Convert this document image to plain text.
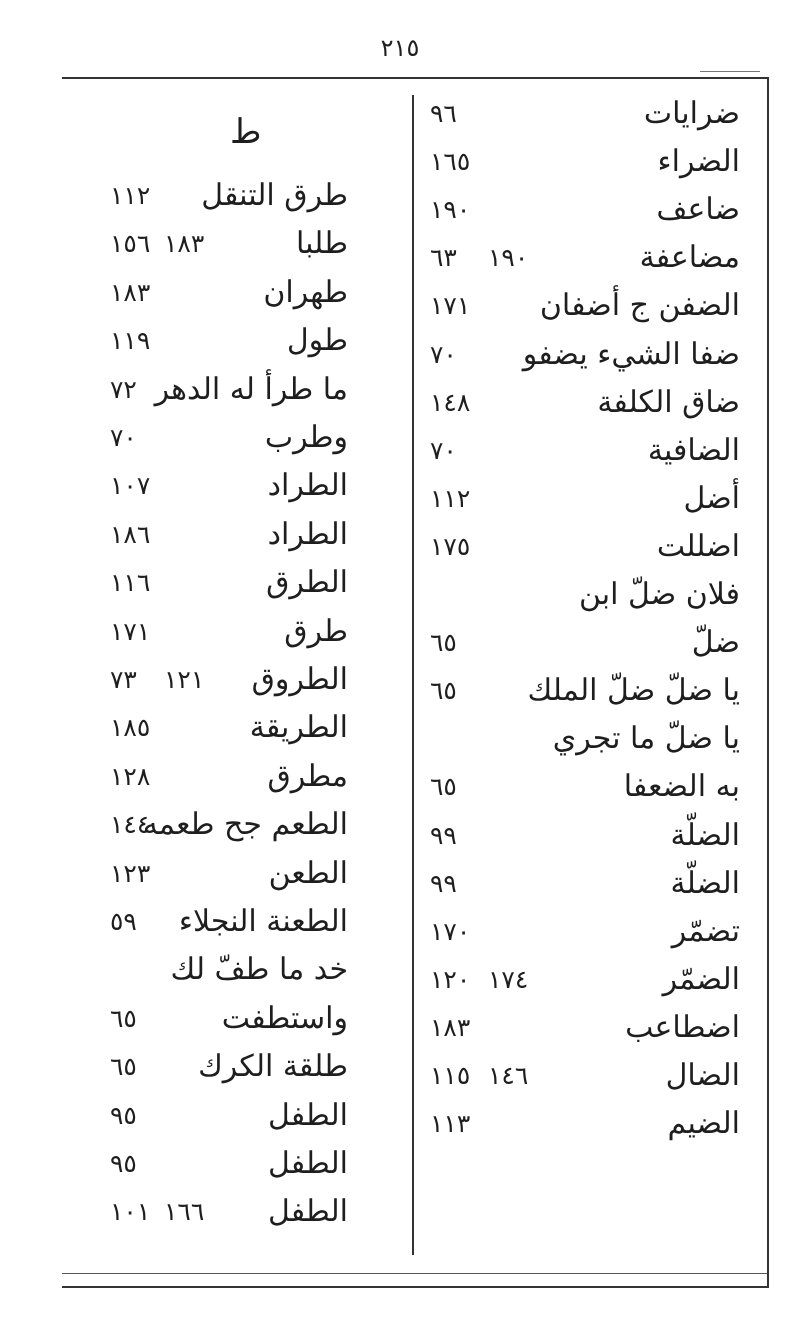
٢١٥
ط
طرق التنقل
١١٢
طلبا
١٥٦ ١٨٣
طهران
١٨٣
طول
١١٩
ما طرأ له الدهر
٧٢
وطرب
٧٠
الطراد
١٠٧
الطراد
١٨٦
الطرق
١١٦
طرق
١٧١
الطروق
٧٣ ١٢١
الطريقة
١٨٥
مطرق
١٢٨
الطعم جح طعمه
١٤٤
الطعن
١٢٣
الطعنة النجلاء
٥٩
خد ما طفّ لك
واستطفت
٦٥
طلقة الكرك
٦٥
الطفل
٩٥
الطفل
٩٥
الطفل
١٠١ ١٦٦
ضرايات
٩٦
الضراء
١٦٥
ضاعف
١٩٠
مضاعفة
٦٣ ١٩٠
الضفن ج أضفان
١٧١
ضفا الشيء يضفو
٧٠
ضاق الكلفة
١٤٨
الضافية
٧٠
أضل
١١٢
اضللت
١٧٥
فلان ضلّ ابن
ضلّ
٦٥
يا ضلّ ضلّ الملك
٦٥
يا ضلّ ما تجري
به الضعفا
٦٥
الضلّة
٩٩
الضلّة
٩٩
تضمّر
١٧٠
الضمّر
١٢٠ ١٧٤
اضطاعب
١٨٣
الضال
١١٥ ١٤٦
الضيم
١١٣
